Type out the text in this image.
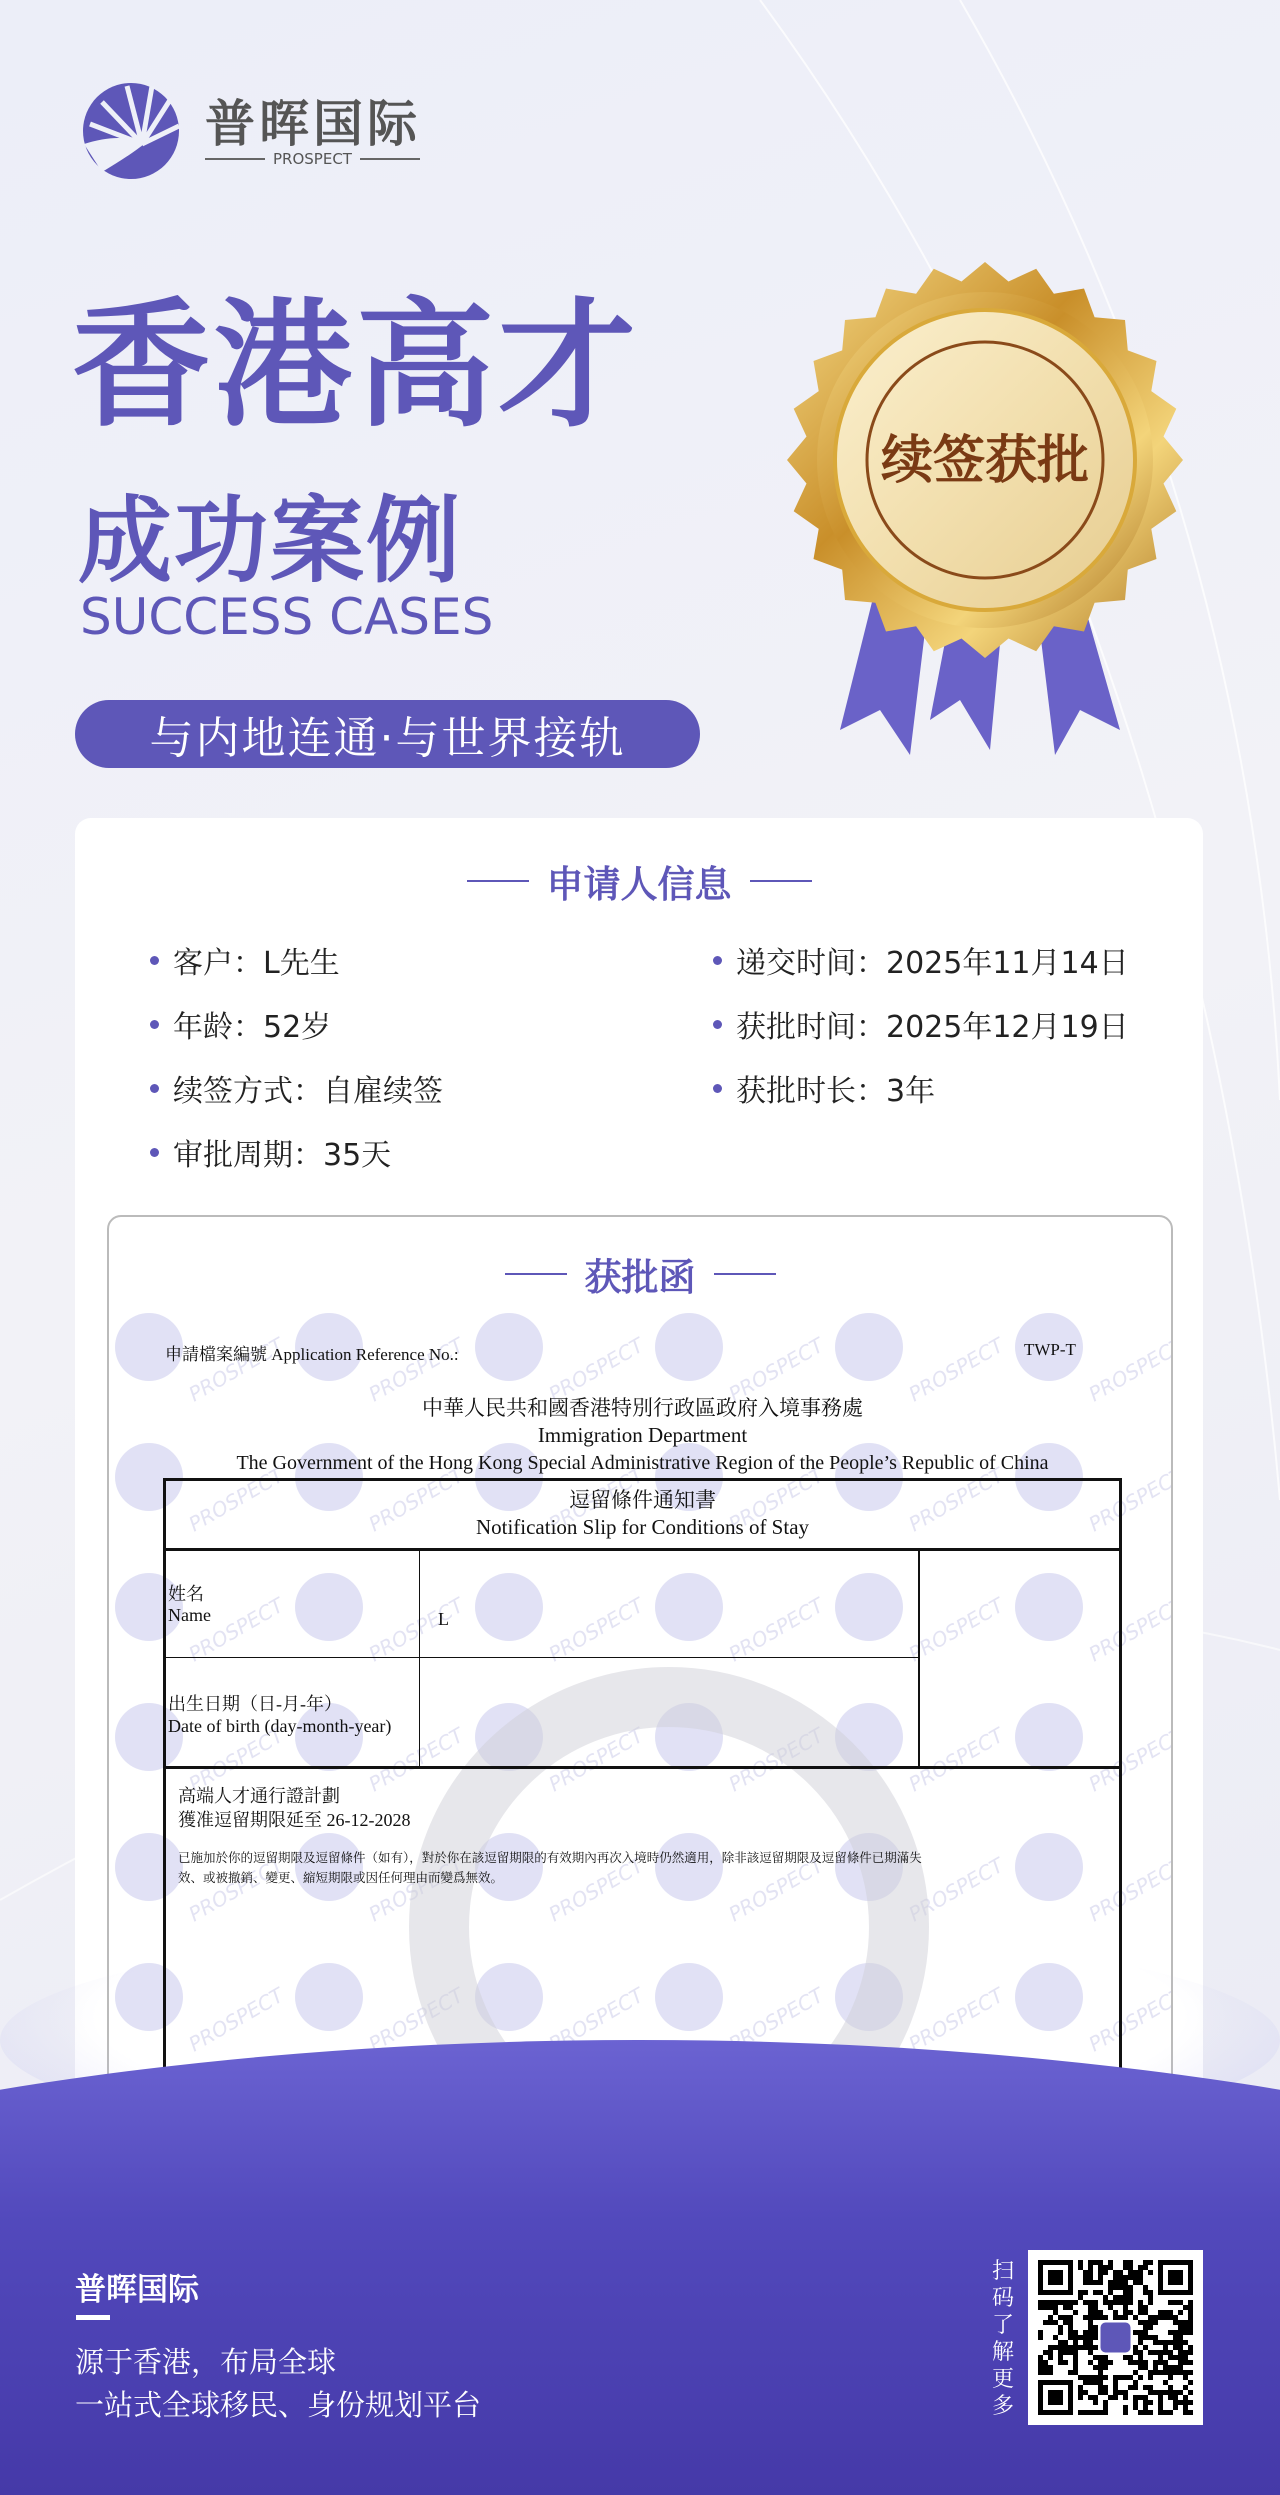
普晖国际
PROSPECT
香港高才
成功案例
SUCCESS CASES
与内地连通·与世界接轨
续签获批
申请人信息
客户：L先生
年龄：52岁
续签方式：自雇续签
审批周期：35天
递交时间：2025年11月14日
获批时间：2025年12月19日
获批时长：3年
获批函
申請檔案編號 Application Reference No.:	TWP-T
中華人民共和國香港特別行政區政府入境事務處
Immigration Department
The Government of the Hong Kong Special Administrative Region of the People’s Republic of China
逗留條件通知書
Notification Slip for Conditions of Stay
姓名
Name	L
出生日期（日-月-年）
Date of birth (day-month-year)
高端人才通行證計劃
獲准逗留期限延至 26-12-2028
已施加於你的逗留期限及逗留條件（如有），對於你在該逗留期限的有效期內再次入境時仍然適用，除非該逗留期限及逗留條件已期滿失
效、或被撤銷、變更、縮短期限或因任何理由而變爲無效。
普晖国际
源于香港，布局全球
一站式全球移民、身份规划平台
扫码了解更多
